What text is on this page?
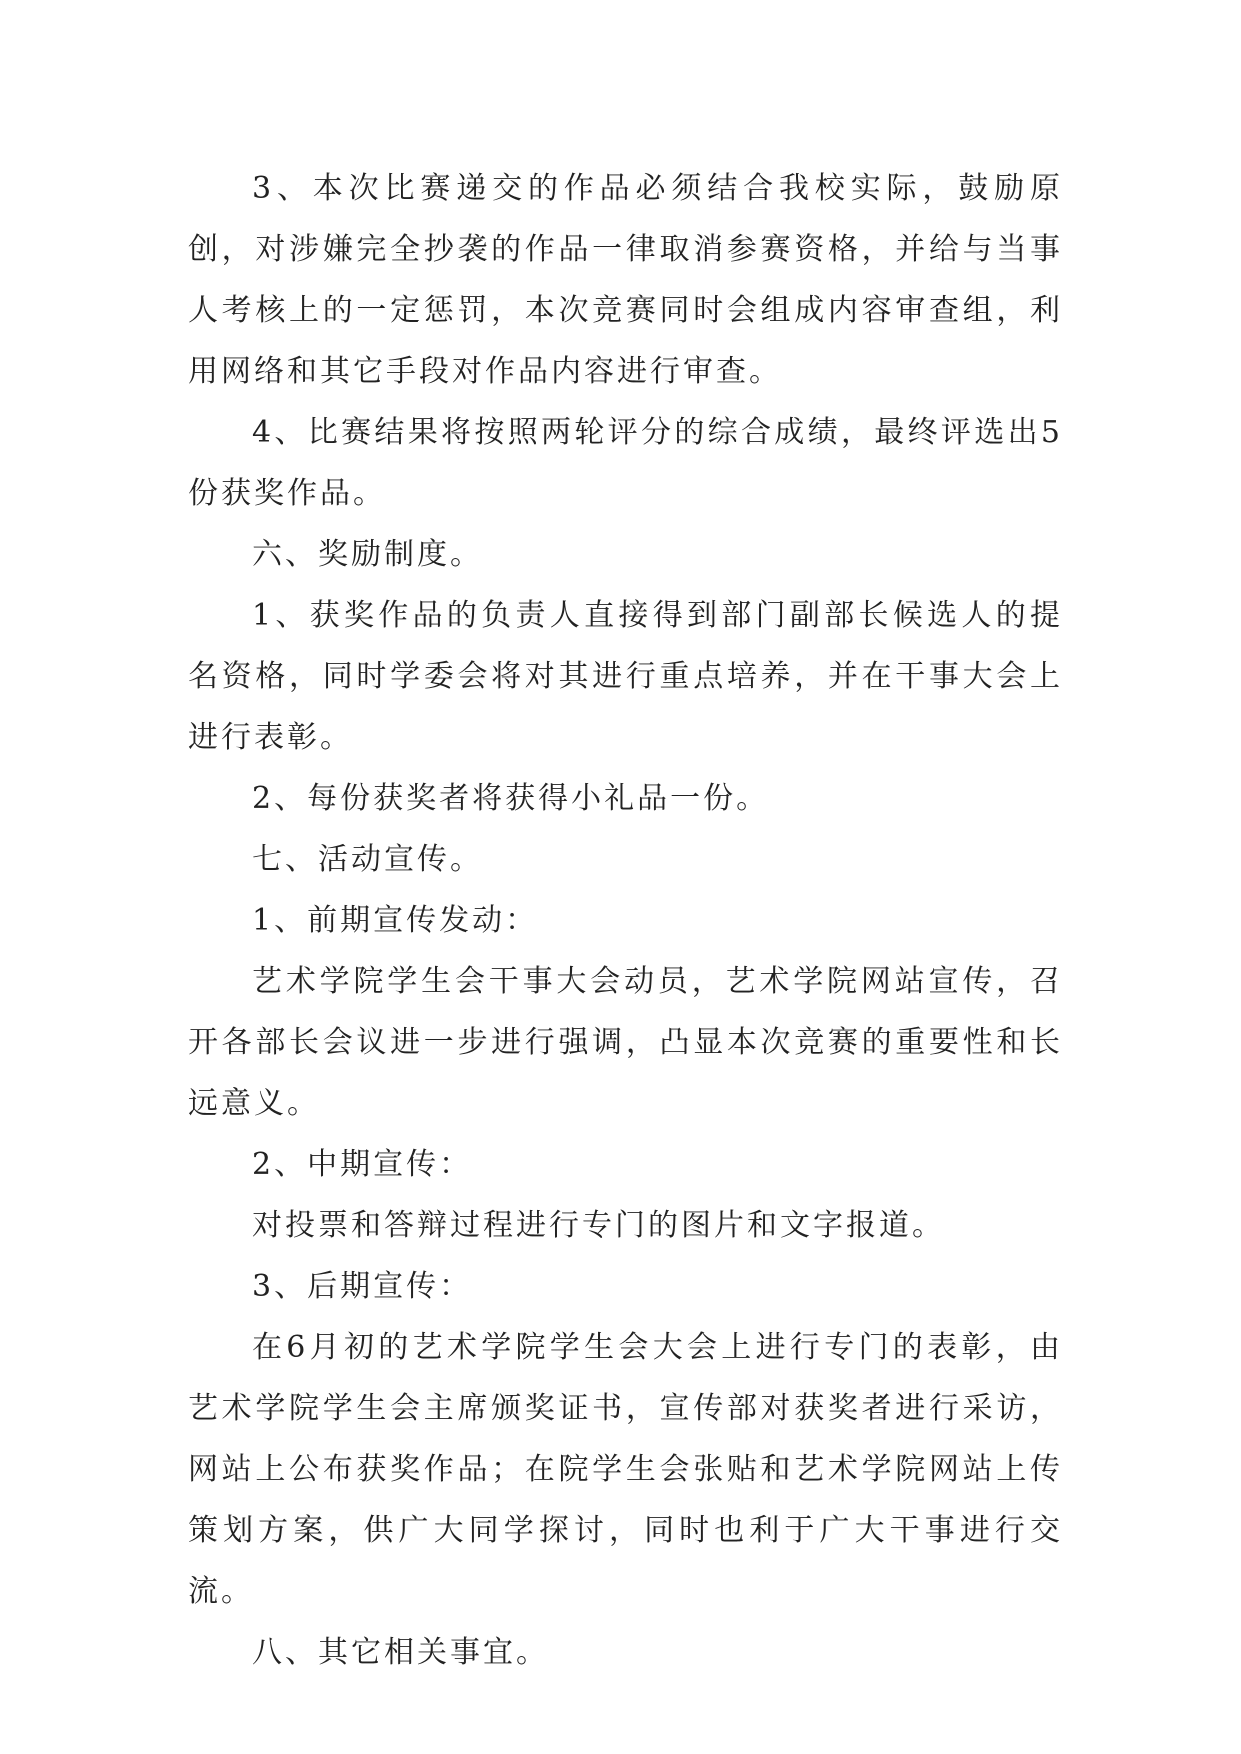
3、本次比赛递交的作品必须结合我校实际，鼓励原创，对涉嫌完全抄袭的作品一律取消参赛资格，并给与当事人考核上的一定惩罚，本次竞赛同时会组成内容审查组，利用网络和其它手段对作品内容进行审查。

4、比赛结果将按照两轮评分的综合成绩，最终评选出5份获奖作品。

六、奖励制度。

1、获奖作品的负责人直接得到部门副部长候选人的提名资格，同时学委会将对其进行重点培养，并在干事大会上进行表彰。

2、每份获奖者将获得小礼品一份。

七、活动宣传。

1、前期宣传发动：

艺术学院学生会干事大会动员，艺术学院网站宣传，召开各部长会议进一步进行强调，凸显本次竞赛的重要性和长远意义。

2、中期宣传：

对投票和答辩过程进行专门的图片和文字报道。

3、后期宣传：

在6月初的艺术学院学生会大会上进行专门的表彰，由艺术学院学生会主席颁奖证书，宣传部对获奖者进行采访，网站上公布获奖作品；在院学生会张贴和艺术学院网站上传策划方案，供广大同学探讨，同时也利于广大干事进行交流。

八、其它相关事宜。
